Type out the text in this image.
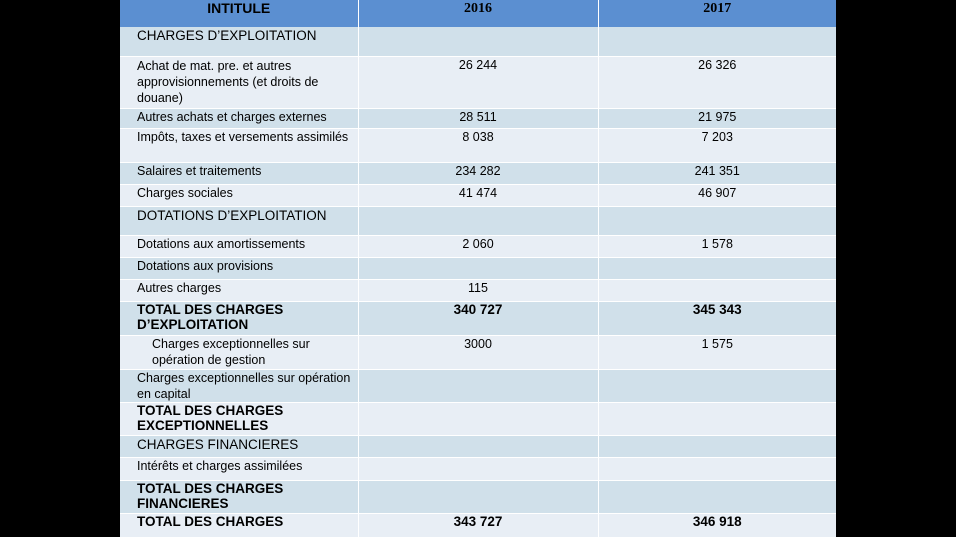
INTITULE	2016	2017
CHARGES D’EXPLOITATION		
Achat de mat. pre. et autres approvisionnements (et droits de douane)	26 244	26 326
Autres achats et charges externes	28 511	21 975
Impôts, taxes et versements assimilés	8 038	7 203
Salaires et traitements	234 282	241 351
Charges sociales	41 474	46 907
DOTATIONS D’EXPLOITATION		
Dotations aux amortissements	2 060	1 578
Dotations aux provisions		
Autres charges	115	
TOTAL DES CHARGES D’EXPLOITATION	340 727	345 343
Charges exceptionnelles sur opération de gestion	3000	1 575
Charges exceptionnelles sur opération en capital		
TOTAL DES CHARGES EXCEPTIONNELLES		
CHARGES FINANCIERES		
Intérêts et charges assimilées		
TOTAL DES CHARGES FINANCIERES		
TOTAL DES CHARGES	343 727	346 918
